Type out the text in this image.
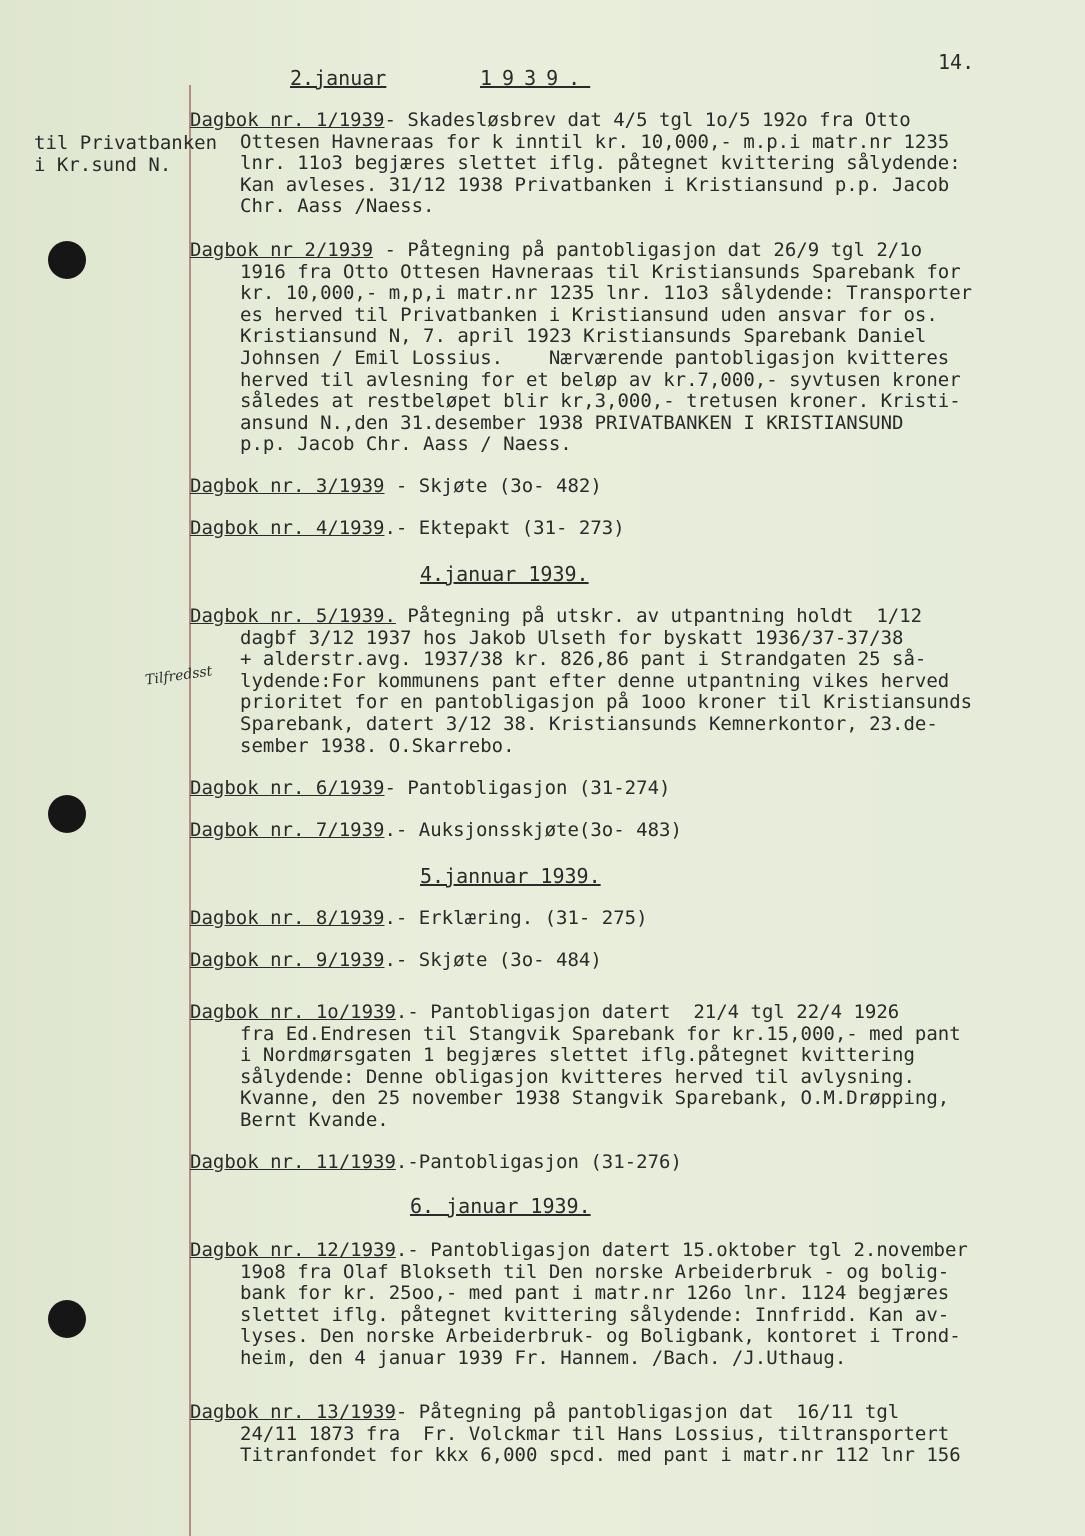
14.
til Privatbanken
i Kr.sund N.
Tilfredsst
2.januar	1939.
4.januar 1939.
5.jannuar 1939.
6. januar 1939.
Dagbok nr. 1/1939- Skadesløsbrev dat 4/5 tgl 1o/5 192o fra Otto
Ottesen Havneraas for k inntil kr. 10,000,- m.p.i matr.nr 1235
lnr. 11o3 begjæres slettet iflg. påtegnet kvittering sålydende:
Kan avleses. 31/12 1938 Privatbanken i Kristiansund p.p. Jacob
Chr. Aass /Naess.
Dagbok nr 2/1939 - Påtegning på pantobligasjon dat 26/9 tgl 2/1o
1916 fra Otto Ottesen Havneraas til Kristiansunds Sparebank for
kr. 10,000,- m,p,i matr.nr 1235 lnr. 11o3 sålydende: Transporter
es herved til Privatbanken i Kristiansund uden ansvar for os.
Kristiansund N, 7. april 1923 Kristiansunds Sparebank Daniel
Johnsen / Emil Lossius.    Nærværende pantobligasjon kvitteres
herved til avlesning for et beløp av kr.7,000,- syvtusen kroner
således at restbeløpet blir kr,3,000,- tretusen kroner. Kristi-
ansund N.,den 31.desember 1938 PRIVATBANKEN I KRISTIANSUND
p.p. Jacob Chr. Aass / Naess.
Dagbok nr. 3/1939 - Skjøte (3o- 482)
Dagbok nr. 4/1939.- Ektepakt (31- 273)
Dagbok nr. 5/1939. Påtegning på utskr. av utpantning holdt  1/12
dagbf 3/12 1937 hos Jakob Ulseth for byskatt 1936/37-37/38
+ alderstr.avg. 1937/38 kr. 826,86 pant i Strandgaten 25 så-
lydende:For kommunens pant efter denne utpantning vikes herved
prioritet for en pantobligasjon på 1ooo kroner til Kristiansunds
Sparebank, datert 3/12 38. Kristiansunds Kemnerkontor, 23.de-
sember 1938. O.Skarrebo.
Dagbok nr. 6/1939- Pantobligasjon (31-274)
Dagbok nr. 7/1939.- Auksjonsskjøte(3o- 483)
Dagbok nr. 8/1939.- Erklæring. (31- 275)
Dagbok nr. 9/1939.- Skjøte (3o- 484)
Dagbok nr. 1o/1939.- Pantobligasjon datert  21/4 tgl 22/4 1926
fra Ed.Endresen til Stangvik Sparebank for kr.15,000,- med pant
i Nordmørsgaten 1 begjæres slettet iflg.påtegnet kvittering
sålydende: Denne obligasjon kvitteres herved til avlysning.
Kvanne, den 25 november 1938 Stangvik Sparebank, O.M.Drøpping,
Bernt Kvande.
Dagbok nr. 11/1939.-Pantobligasjon (31-276)
Dagbok nr. 12/1939.- Pantobligasjon datert 15.oktober tgl 2.november
19o8 fra Olaf Blokseth til Den norske Arbeiderbruk - og bolig-
bank for kr. 25oo,- med pant i matr.nr 126o lnr. 1124 begjæres
slettet iflg. påtegnet kvittering sålydende: Innfridd. Kan av-
lyses. Den norske Arbeiderbruk- og Boligbank, kontoret i Trond-
heim, den 4 januar 1939 Fr. Hannem. /Bach. /J.Uthaug.
Dagbok nr. 13/1939- Påtegning på pantobligasjon dat  16/11 tgl
24/11 1873 fra  Fr. Volckmar til Hans Lossius, tiltransportert
Titranfondet for kkx 6,000 spcd. med pant i matr.nr 112 lnr 156
